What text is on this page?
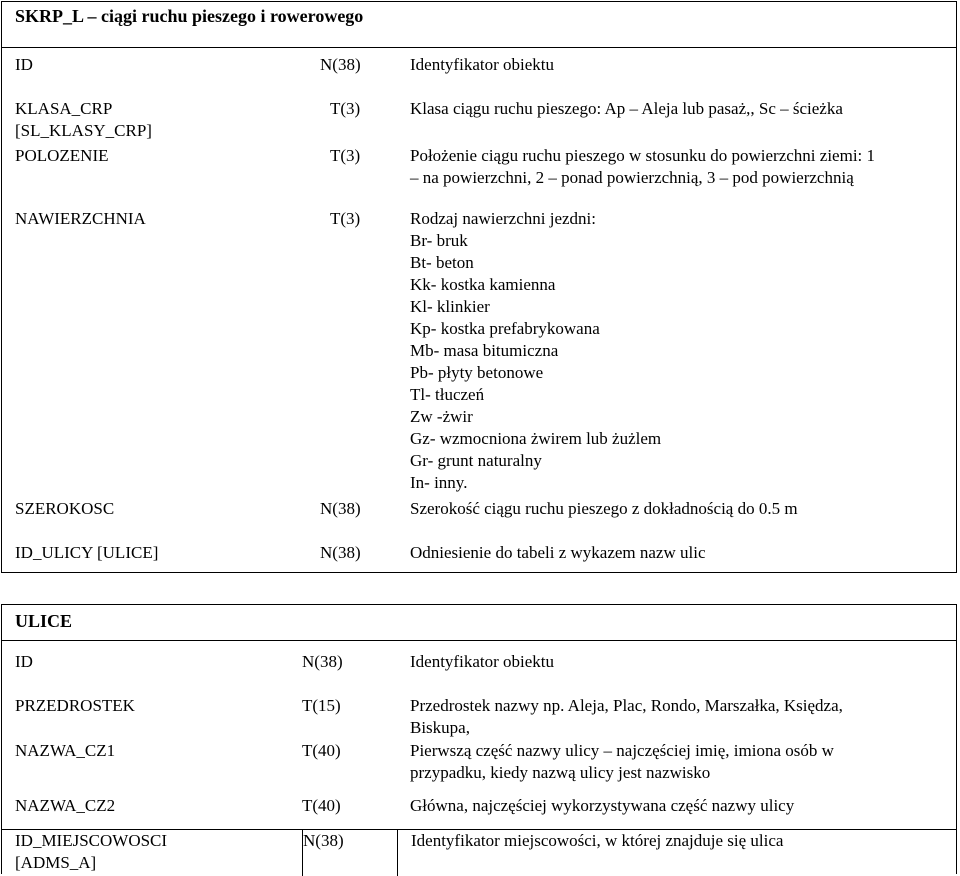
SKRP_L – ciągi ruchu pieszego i rowerowego
ID	N(38)	Identyfikator obiektu
KLASA_CRP
[SL_KLASY_CRP]
T(3)	Klasa ciągu ruchu pieszego: Ap – Aleja lub pasaż,, Sc – ścieżka
POLOZENIE	T(3)	Położenie ciągu ruchu pieszego w stosunku do powierzchni ziemi: 1
– na powierzchni, 2 – ponad powierzchnią, 3 – pod powierzchnią
NAWIERZCHNIA	T(3)	Rodzaj nawierzchni jezdni:
Br- bruk
Bt- beton
Kk- kostka kamienna
Kl- klinkier
Kp- kostka prefabrykowana
Mb- masa bitumiczna
Pb- płyty betonowe
Tl- tłuczeń
Zw -żwir
Gz- wzmocniona żwirem lub żużlem
Gr- grunt naturalny
In- inny.
SZEROKOSC	N(38)	Szerokość ciągu ruchu pieszego z dokładnością do 0.5 m
ID_ULICY [ULICE]	N(38)	Odniesienie do tabeli z wykazem nazw ulic
ULICE
ID	N(38)	Identyfikator obiektu
PRZEDROSTEK	T(15)	Przedrostek nazwy np. Aleja, Plac, Rondo, Marszałka, Księdza,
Biskupa,
NAZWA_CZ1	T(40)	Pierwszą część nazwy ulicy – najczęściej imię, imiona osób w
przypadku, kiedy nazwą ulicy jest nazwisko
NAZWA_CZ2	T(40)	Główna, najczęściej wykorzystywana część nazwy ulicy
ID_MIEJSCOWOSCI
[ADMS_A]
N(38)	Identyfikator miejscowości, w której znajduje się ulica
